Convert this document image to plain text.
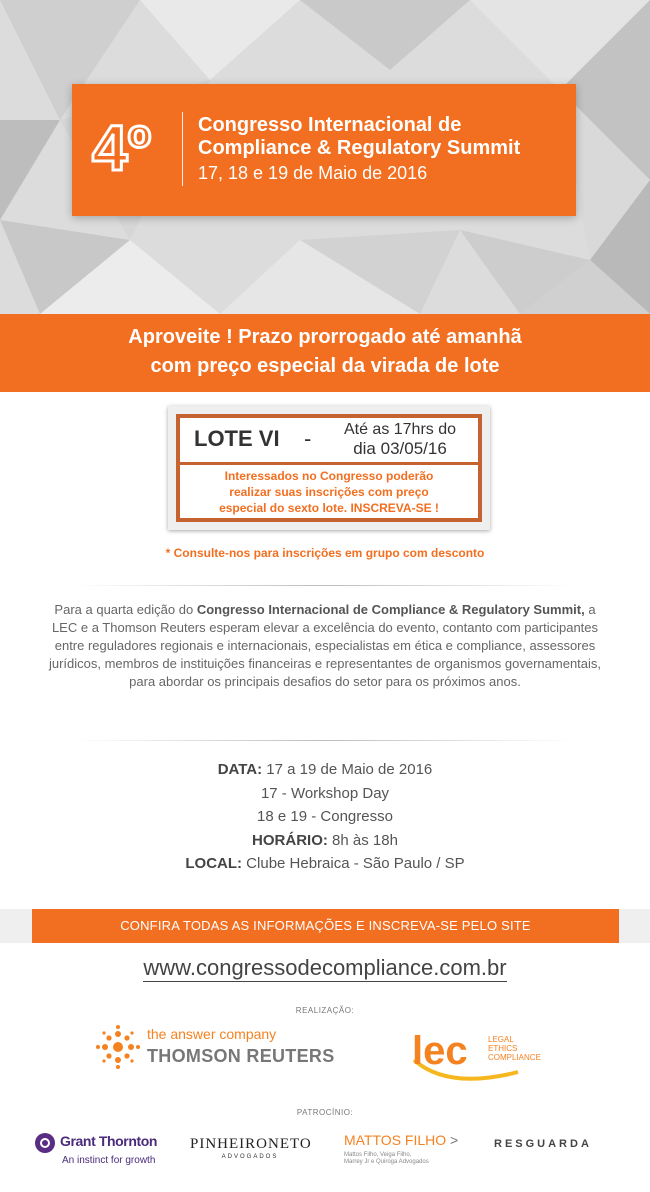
4º Congresso Internacional de
Compliance & Regulatory Summit
17, 18 e 19 de Maio de 2016
Aproveite ! Prazo prorrogado até amanhã
com preço especial da virada de lote
LOTE VI -	Até as 17hrs do
dia 03/05/16
Interessados no Congresso poderão
realizar suas inscrições com preço
especial do sexto lote. INSCREVA-SE !
* Consulte-nos para inscrições em grupo com desconto
Para a quarta edição do Congresso Internacional de Compliance & Regulatory Summit, a LEC e a Thomson Reuters esperam elevar a excelência do evento, contanto com participantes entre reguladores regionais e internacionais, especialistas em ética e compliance, assessores jurídicos, membros de instituições financeiras e representantes de organismos governamentais, para abordar os principais desafios do setor para os próximos anos.
DATA: 17 a 19 de Maio de 2016
17 - Workshop Day
18 e 19 - Congresso
HORÁRIO: 8h às 18h
LOCAL: Clube Hebraica - São Paulo / SP
CONFIRA TODAS AS INFORMAÇÕES E INSCREVA-SE PELO SITE
www.congressodecompliance.com.br
REALIZAÇÃO:
the answer company
THOMSON REUTERS lec	LEGAL
ETHICS
COMPLIANCE
PATROCÍNIO:
Grant Thornton
An instinct for growth
PINHEIRONETO
ADVOGADOS
MATTOS FILHO >
Mattos Filho, Veiga Filho,
Marrey Jr e Quiroga Advogados
RESGUARDA
